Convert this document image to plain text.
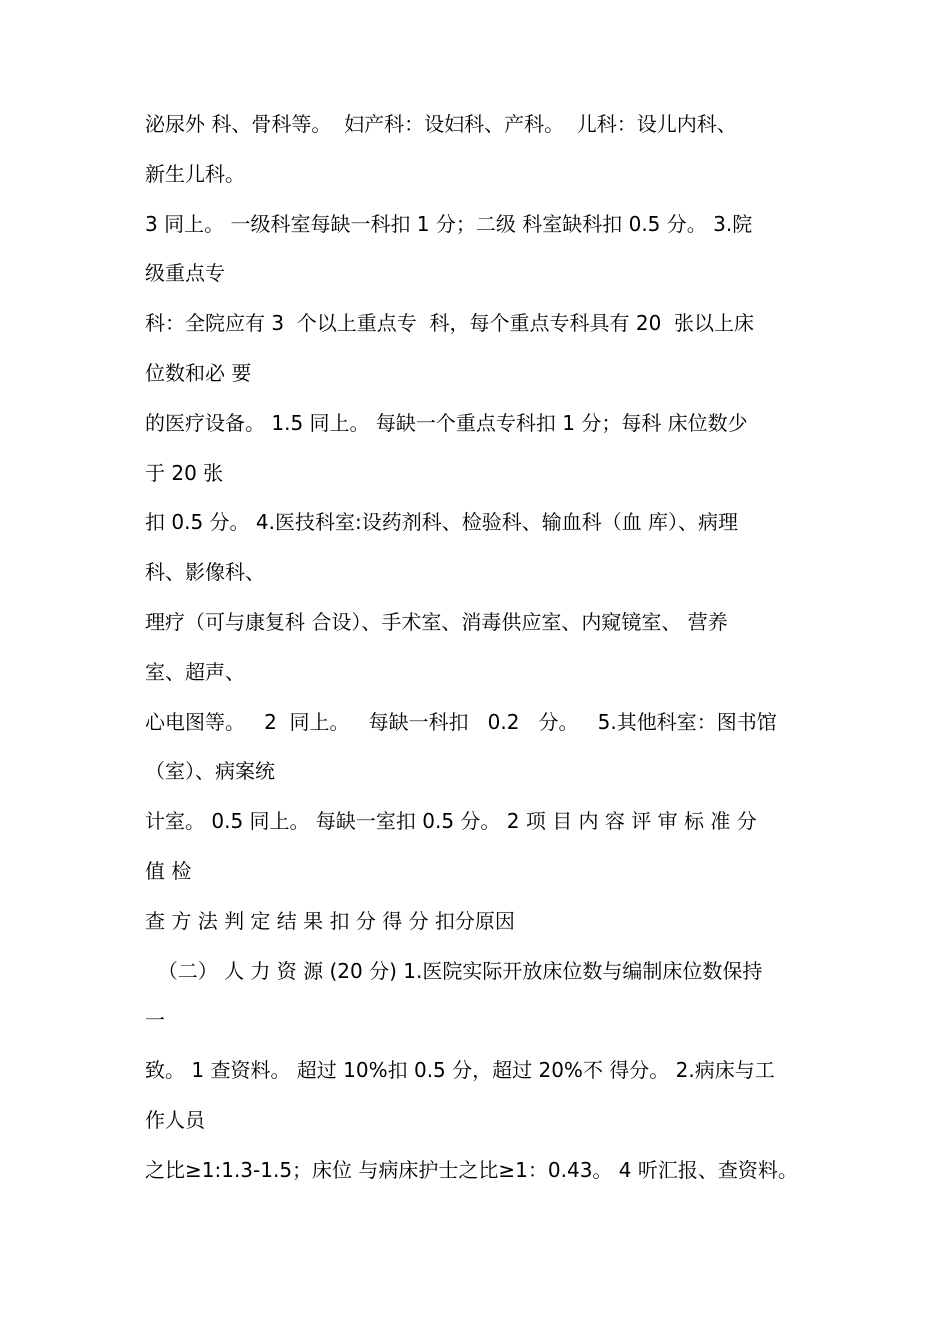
泌尿外 科、骨科等。  妇产科：设妇科、产科。  儿科：设儿内科、
新生儿科。
3 同上。 一级科室每缺一科扣 1 分；二级 科室缺科扣 0.5 分。 3.院
级重点专
科：全院应有 3  个以上重点专  科，每个重点专科具有 20  张以上床
位数和必 要
的医疗设备。 1.5 同上。 每缺一个重点专科扣 1 分；每科 床位数少
于 20 张
扣 0.5 分。 4.医技科室:设药剂科、检验科、输血科（血 库）、病理
科、影像科、
理疗（可与康复科 合设）、手术室、消毒供应室、内窥镜室、 营养
室、超声、
心电图等。   2  同上。   每缺一科扣   0.2   分。   5.其他科室：图书馆
（室）、病案统
计室。 0.5 同上。 每缺一室扣 0.5 分。 2 项 目 内 容 评 审 标 准 分
值 检
查 方 法 判 定 结 果 扣 分 得 分 扣分原因
（二） 人 力 资 源 (20 分) 1.医院实际开放床位数与编制床位数保持
一
致。 1 查资料。 超过 10%扣 0.5 分，超过 20%不 得分。 2.病床与工
作人员
之比≥1:1.3-1.5；床位 与病床护士之比≥1：0.43。 4 听汇报、查资料。
